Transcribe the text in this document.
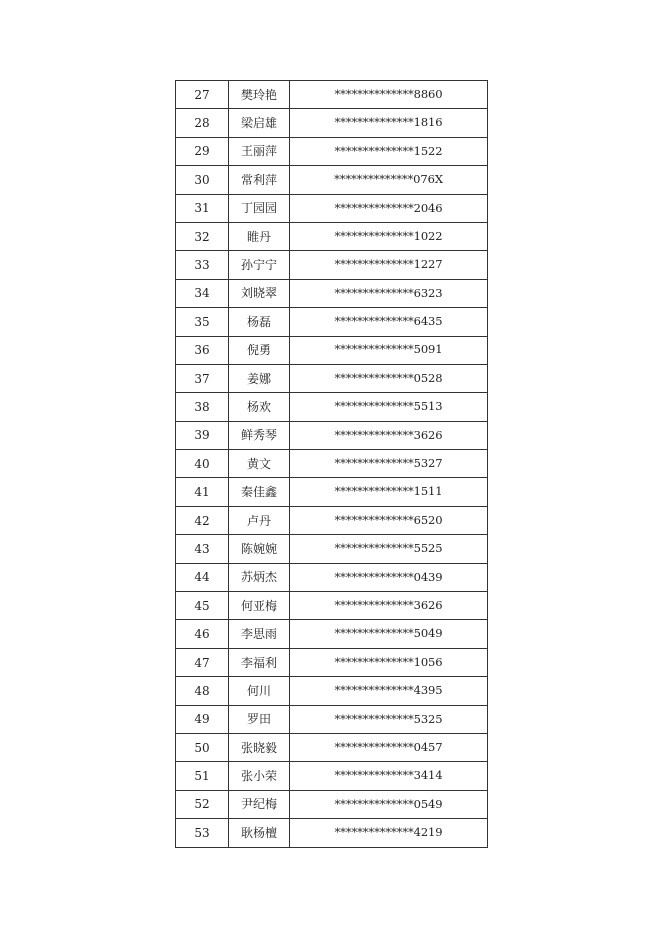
27	樊玲艳	**************8860
28	梁启雄	**************1816
29	王丽萍	**************1522
30	常利萍	**************076X
31	丁园园	**************2046
32	睢丹	**************1022
33	孙宁宁	**************1227
34	刘晓翠	**************6323
35	杨磊	**************6435
36	倪勇	**************5091
37	姜娜	**************0528
38	杨欢	**************5513
39	鲜秀琴	**************3626
40	黄文	**************5327
41	秦佳鑫	**************1511
42	卢丹	**************6520
43	陈婉婉	**************5525
44	苏炳杰	**************0439
45	何亚梅	**************3626
46	李思雨	**************5049
47	李福利	**************1056
48	何川	**************4395
49	罗田	**************5325
50	张晓毅	**************0457
51	张小荣	**************3414
52	尹纪梅	**************0549
53	耿杨檀	**************4219
